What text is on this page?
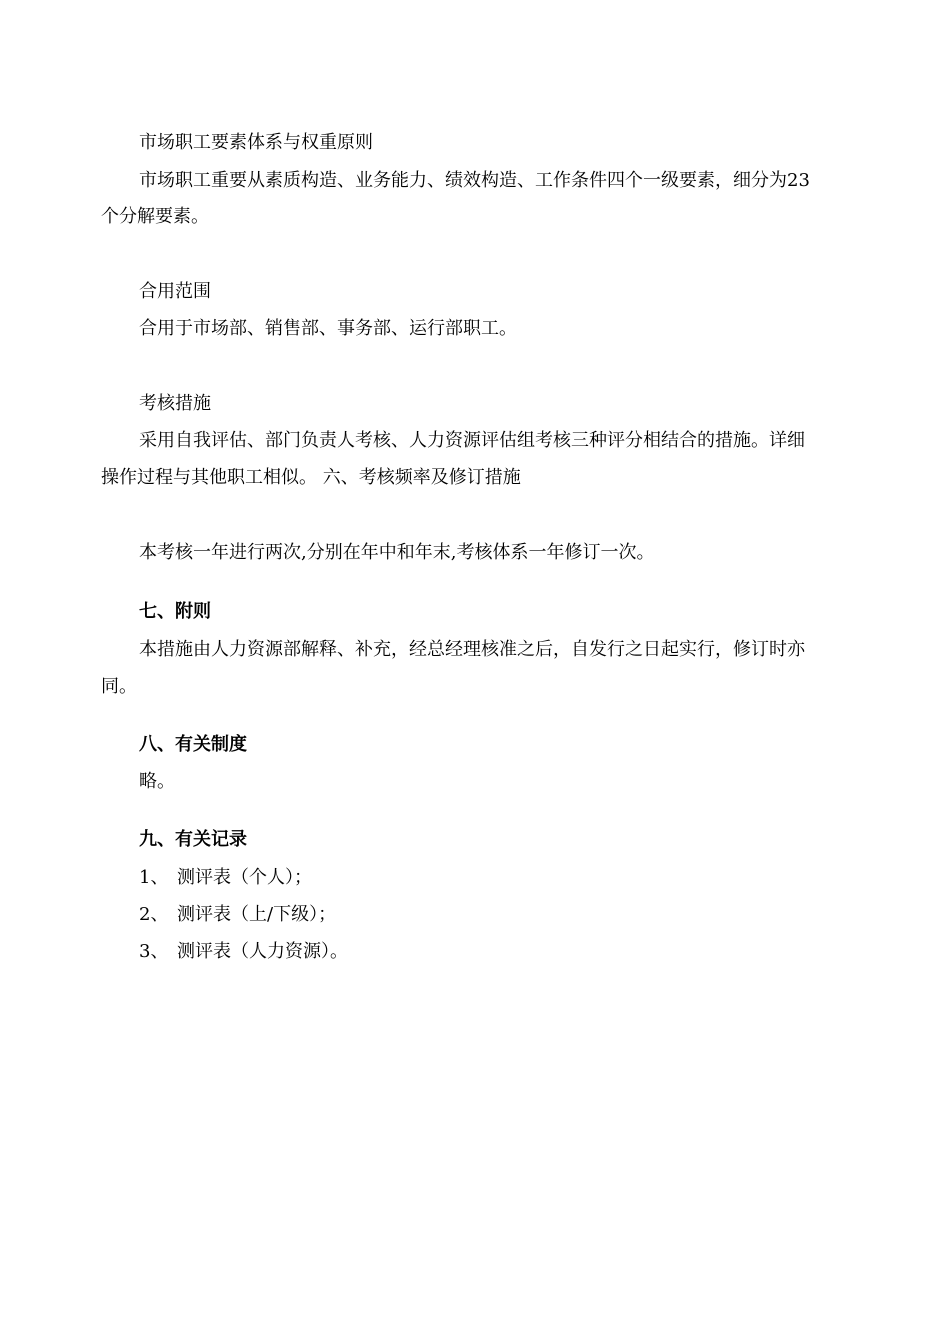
市场职工要素体系与权重原则
市场职工重要从素质构造、业务能力、绩效构造、工作条件四个一级要素，细分为23
个分解要素。
合用范围
合用于市场部、销售部、事务部、运行部职工。
考核措施
采用自我评估、部门负责人考核、人力资源评估组考核三种评分相结合的措施。详细
操作过程与其他职工相似。 六、考核频率及修订措施
本考核一年进行两次,分别在年中和年末,考核体系一年修订一次。
七、附则
本措施由人力资源部解释、补充，经总经理核准之后，自发行之日起实行，修订时亦
同。
八、有关制度
略。
九、有关记录
1、 测评表（个人）；
2、 测评表（上/下级）；
3、 测评表（人力资源）。
